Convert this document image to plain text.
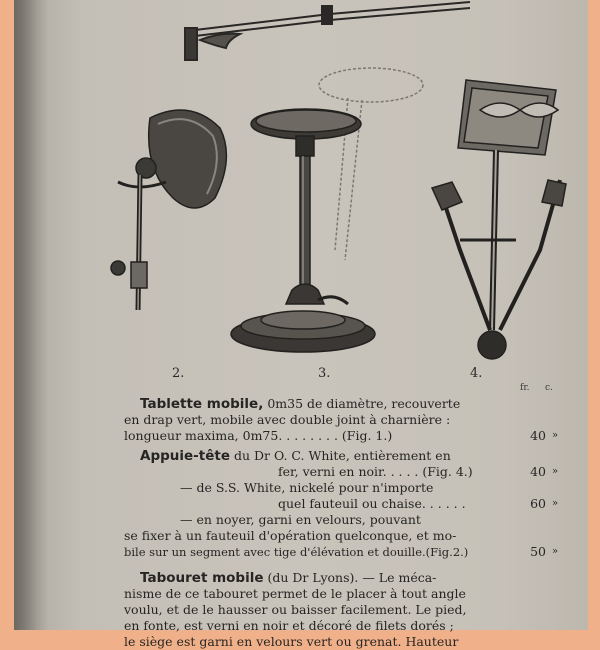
2.	3.	4.
fr. c.
Tablette mobile, 0m35 de diamètre, recouverte
en drap vert, mobile avec double joint à charnière :
longueur maxima, 0m75. . . . . . . . (Fig. 1.)	40 »
Appuie-tête du Dr O. C. White, entièrement en
fer, verni en noir. . . . . (Fig. 4.)	40 »
— de S.S. White, nickelé pour n'importe
quel fauteuil ou chaise. . . . . .	60 »
— en noyer, garni en velours, pouvant
se fixer à un fauteuil d'opération quelconque, et mo-
bile sur un segment avec tige d'élévation et douille.(Fig.2.)	50 »
Tabouret mobile (du Dr Lyons). — Le méca-
nisme de ce tabouret permet de le placer à tout angle
voulu, et de le hausser ou baisser facilement. Le pied,
en fonte, est verni en noir et décoré de filets dorés ;
le siège est garni en velours vert ou grenat. Hauteur
